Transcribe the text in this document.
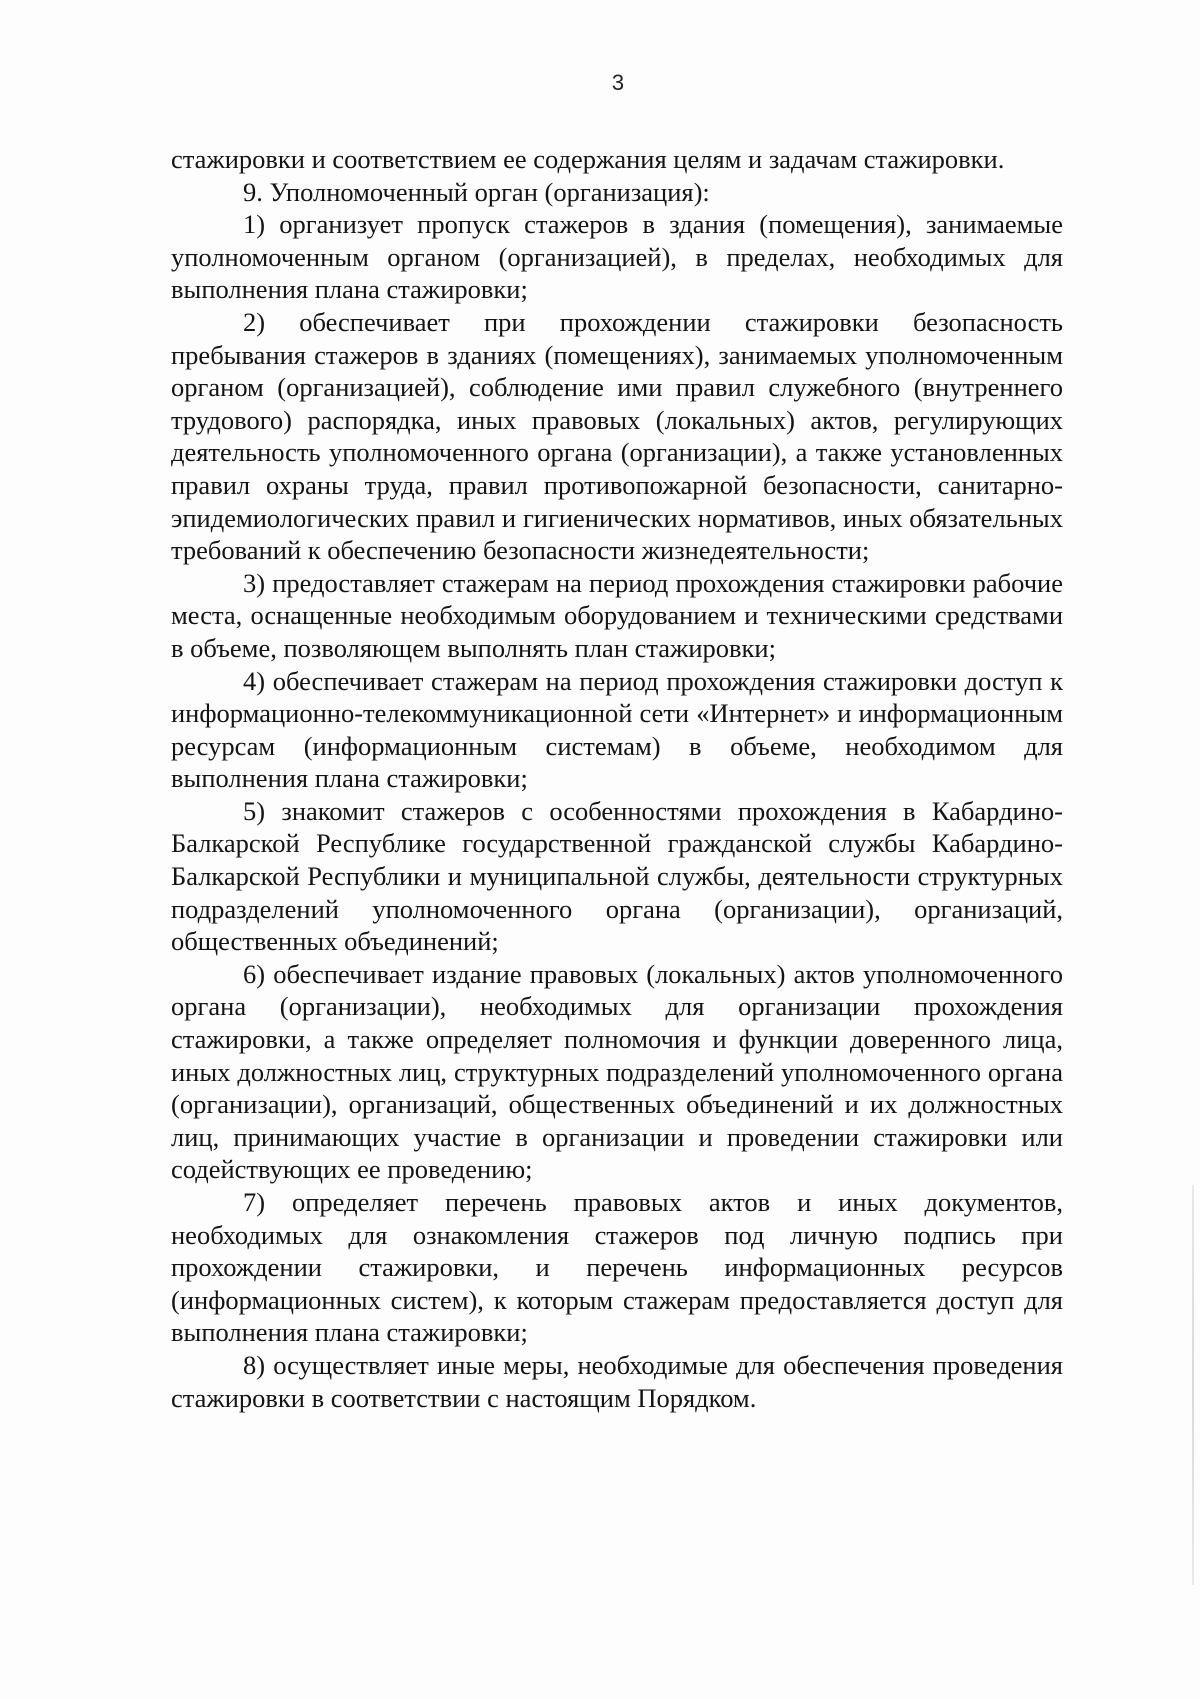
3

стажировки и соответствием ее содержания целям и задачам стажировки.

9. Уполномоченный орган (организация):

1) организует пропуск стажеров в здания (помещения), занимаемые уполномоченным органом (организацией), в пределах, необходимых для выполнения плана стажировки;

2) обеспечивает при прохождении стажировки безопасность пребывания стажеров в зданиях (помещениях), занимаемых уполномоченным органом (организацией), соблюдение ими правил служебного (внутреннего трудового) распорядка, иных правовых (локальных) актов, регулирующих деятельность уполномоченного органа (организации), а также установленных правил охраны труда, правил противопожарной безопасности, санитарно-эпидемиологических правил и гигиенических нормативов, иных обязательных требований к обеспечению безопасности жизнедеятельности;

3) предоставляет стажерам на период прохождения стажировки рабочие места, оснащенные необходимым оборудованием и техническими средствами в объеме, позволяющем выполнять план стажировки;

4) обеспечивает стажерам на период прохождения стажировки доступ к информационно-телекоммуникационной сети «Интернет» и информационным ресурсам (информационным системам) в объеме, необходимом для выполнения плана стажировки;

5) знакомит стажеров с особенностями прохождения в Кабардино-Балкарской Республике государственной гражданской службы Кабардино-Балкарской Республики и муниципальной службы, деятельности структурных подразделений уполномоченного органа (организации), организаций, общественных объединений;

6) обеспечивает издание правовых (локальных) актов уполномоченного органа (организации), необходимых для организации прохождения стажировки, а также определяет полномочия и функции доверенного лица, иных должностных лиц, структурных подразделений уполномоченного органа (организации), организаций, общественных объединений и их должностных лиц, принимающих участие в организации и проведении стажировки или содействующих ее проведению;

7) определяет перечень правовых актов и иных документов, необходимых для ознакомления стажеров под личную подпись при прохождении стажировки, и перечень информационных ресурсов (информационных систем), к которым стажерам предоставляется доступ для выполнения плана стажировки;

8) осуществляет иные меры, необходимые для обеспечения проведения стажировки в соответствии с настоящим Порядком.
